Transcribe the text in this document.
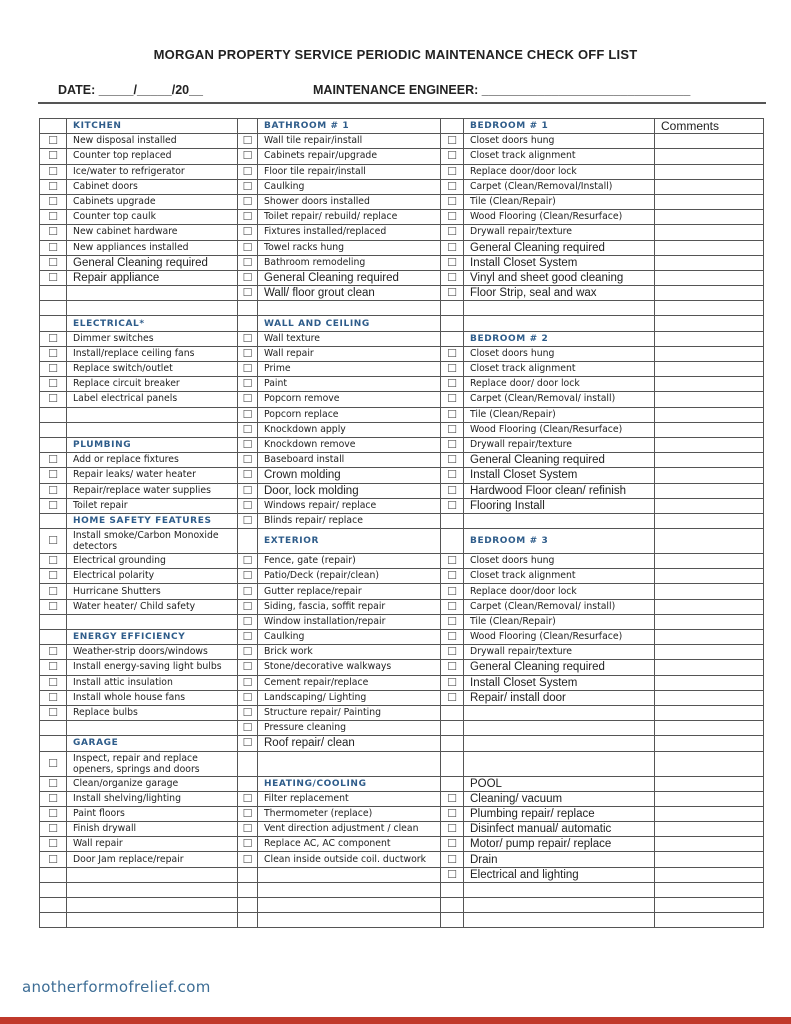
MORGAN PROPERTY SERVICE PERIODIC MAINTENANCE CHECK OFF LIST
DATE: _____/_____/20__	MAINTENANCE ENGINEER: ______________________________
	KITCHEN		BATHROOM # 1		BEDROOM # 1	Comments
☐	New disposal installed	☐	Wall tile repair/install	☐	Closet doors hung	
☐	Counter top replaced	☐	Cabinets repair/upgrade	☐	Closet track alignment	
☐	Ice/water to refrigerator	☐	Floor tile repair/install	☐	Replace door/door lock	
☐	Cabinet doors	☐	Caulking	☐	Carpet (Clean/Removal/Install)	
☐	Cabinets upgrade	☐	Shower doors installed	☐	Tile (Clean/Repair)	
☐	Counter top caulk	☐	Toilet repair/ rebuild/ replace	☐	Wood Flooring (Clean/Resurface)	
☐	New cabinet hardware	☐	Fixtures installed/replaced	☐	Drywall repair/texture	
☐	New appliances installed	☐	Towel racks hung	☐	General Cleaning required	
☐	General Cleaning required	☐	Bathroom remodeling	☐	Install Closet System	
☐	Repair appliance	☐	General Cleaning required	☐	Vinyl and sheet good cleaning	
		☐	Wall/ floor grout clean	☐	Floor Strip, seal and wax	

	ELECTRICAL*		WALL AND CEILING			
☐	Dimmer switches	☐	Wall texture		BEDROOM # 2	
☐	Install/replace ceiling fans	☐	Wall repair	☐	Closet doors hung	
☐	Replace switch/outlet	☐	Prime	☐	Closet track alignment	
☐	Replace circuit breaker	☐	Paint	☐	Replace door/ door lock	
☐	Label electrical panels	☐	Popcorn remove	☐	Carpet (Clean/Removal/ install)	
		☐	Popcorn replace	☐	Tile (Clean/Repair)	
		☐	Knockdown apply	☐	Wood Flooring (Clean/Resurface)	
	PLUMBING	☐	Knockdown remove	☐	Drywall repair/texture	
☐	Add or replace fixtures	☐	Baseboard install	☐	General Cleaning required	
☐	Repair leaks/ water heater	☐	Crown molding	☐	Install Closet System	
☐	Repair/replace water supplies	☐	Door, lock molding	☐	Hardwood Floor clean/ refinish	
☐	Toilet repair	☐	Windows repair/ replace	☐	Flooring Install	
	HOME SAFETY FEATURES	☐	Blinds repair/ replace			
☐	Install smoke/Carbon Monoxide detectors		EXTERIOR		BEDROOM # 3	
☐	Electrical grounding	☐	Fence, gate (repair)	☐	Closet doors hung	
☐	Electrical polarity	☐	Patio/Deck (repair/clean)	☐	Closet track alignment	
☐	Hurricane Shutters	☐	Gutter replace/repair	☐	Replace door/door lock	
☐	Water heater/ Child safety	☐	Siding, fascia, soffit repair	☐	Carpet (Clean/Removal/ install)	
		☐	Window installation/repair	☐	Tile (Clean/Repair)	
	ENERGY EFFICIENCY	☐	Caulking	☐	Wood Flooring (Clean/Resurface)	
☐	Weather-strip doors/windows	☐	Brick work	☐	Drywall repair/texture	
☐	Install energy-saving light bulbs	☐	Stone/decorative walkways	☐	General Cleaning required	
☐	Install attic insulation	☐	Cement repair/replace	☐	Install Closet System	
☐	Install whole house fans	☐	Landscaping/ Lighting	☐	Repair/ install door	
☐	Replace bulbs	☐	Structure repair/ Painting			
		☐	Pressure cleaning			
	GARAGE	☐	Roof repair/ clean			
☐	Inspect, repair and replace openers, springs and doors					
☐	Clean/organize garage		HEATING/COOLING		POOL	
☐	Install shelving/lighting	☐	Filter replacement	☐	Cleaning/ vacuum	
☐	Paint floors	☐	Thermometer (replace)	☐	Plumbing repair/ replace	
☐	Finish drywall	☐	Vent direction adjustment / clean	☐	Disinfect manual/ automatic	
☐	Wall repair	☐	Replace AC, AC component	☐	Motor/ pump repair/ replace	
☐	Door Jam replace/repair	☐	Clean inside outside coil. ductwork	☐	Drain	
				☐	Electrical and lighting	

anotherformofrelief.com
